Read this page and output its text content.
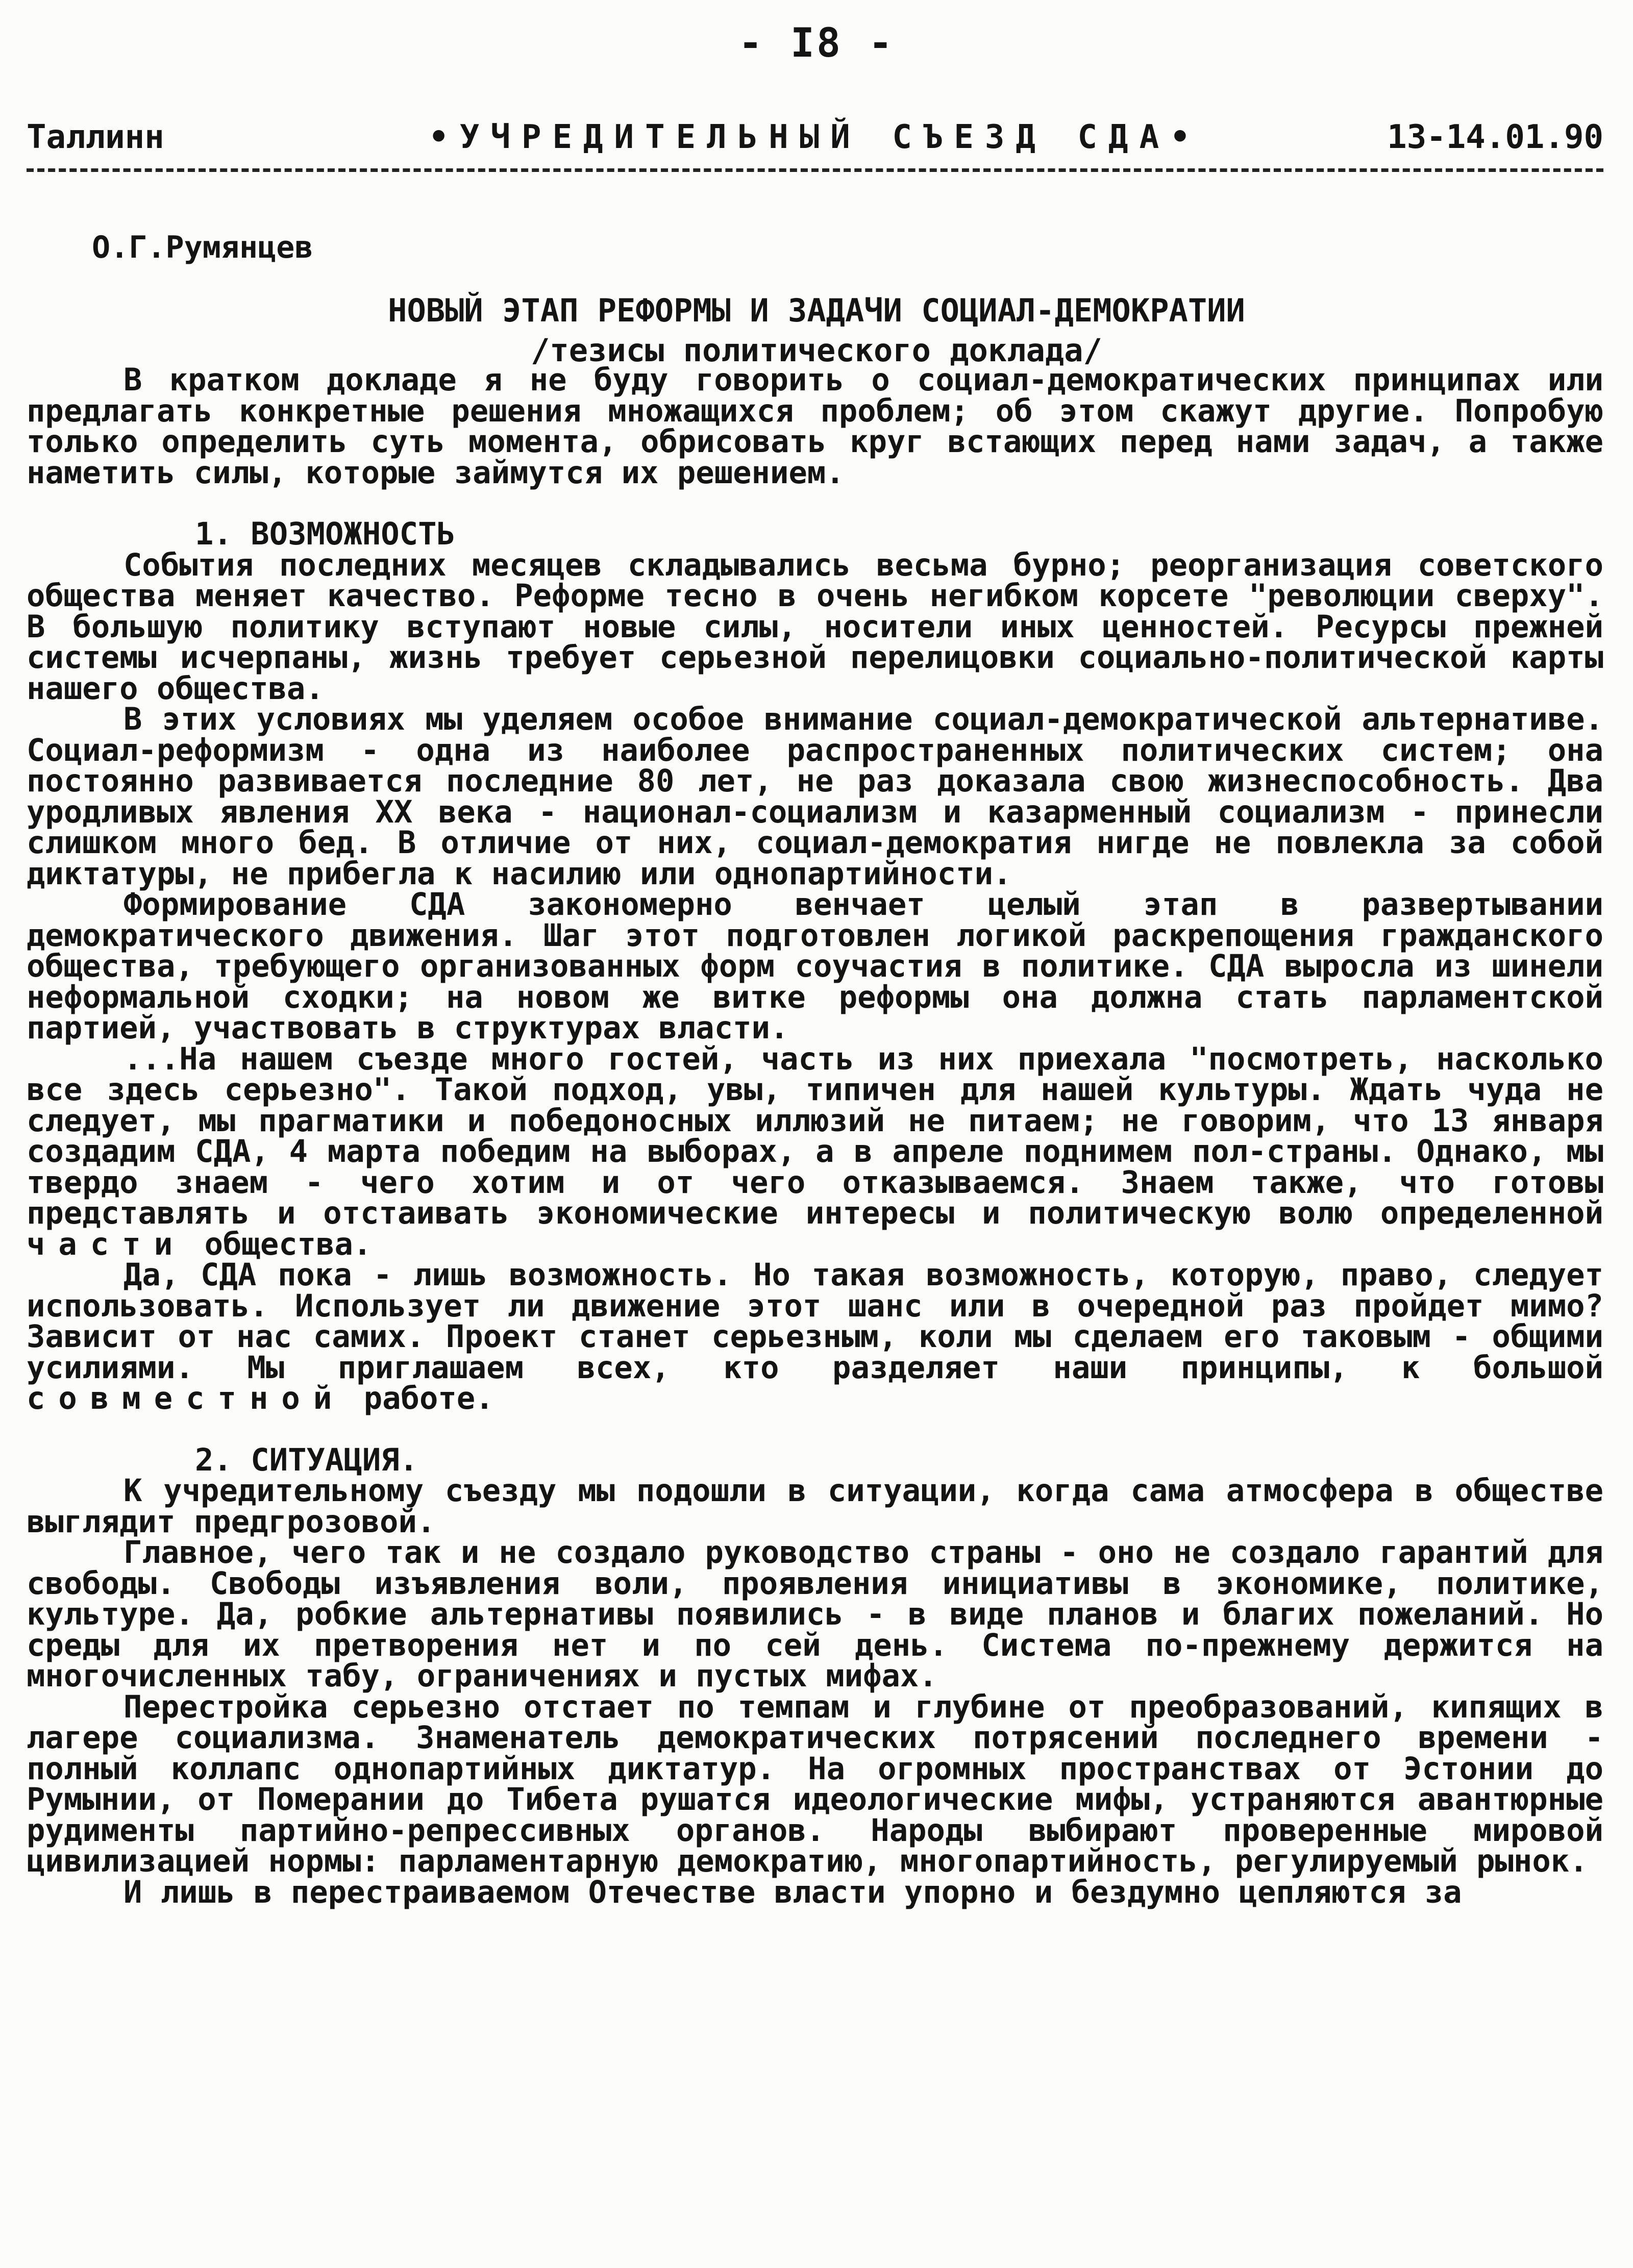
- I8 -
Таллинн	•УЧРЕДИТЕЛЬНЫЙ СЪЕЗД СДА•	13-14.01.90
О.Г.Румянцев
НОВЫЙ ЭТАП РЕФОРМЫ И ЗАДАЧИ СОЦИАЛ-ДЕМОКРАТИИ
/тезисы политического доклада/

В кратком докладе я не буду говорить о социал-демократических принципах или предлагать конкретные решения множащихся проблем; об этом скажут другие. Попробую только определить суть момента, обрисовать круг встающих перед нами задач, а также наметить силы, которые займутся их решением.

1. ВОЗМОЖНОСТЬ

События последних месяцев складывались весьма бурно; реорганизация советского общества меняет качество. Реформе тесно в очень негибком корсете "революции сверху". В большую политику вступают новые силы, носители иных ценностей. Ресурсы прежней системы исчерпаны, жизнь требует серьезной перелицовки социально-политической карты нашего общества.

В этих условиях мы уделяем особое внимание социал-демократической альтернативе. Социал-реформизм - одна из наиболее распространенных политических систем; она постоянно развивается последние 80 лет, не раз доказала свою жизнеспособность. Два уродливых явления XX века - национал-социализм и казарменный социализм - принесли слишком много бед. В отличие от них, социал-демократия нигде не повлекла за собой диктатуры, не прибегла к насилию или однопартийности.

Формирование СДА закономерно венчает целый этап в развертывании демократического движения. Шаг этот подготовлен логикой раскрепощения гражданского общества, требующего организованных форм соучастия в политике. СДА выросла из шинели неформальной сходки; на новом же витке реформы она должна стать парламентской партией, участвовать в структурах власти.

...На нашем съезде много гостей, часть из них приехала "посмотреть, насколько все здесь серьезно". Такой подход, увы, типичен для нашей культуры. Ждать чуда не следует, мы прагматики и победоносных иллюзий не питаем; не говорим, что 13 января создадим СДА, 4 марта победим на выборах, а в апреле поднимем пол-страны. Однако, мы твердо знаем - чего хотим и от чего отказываемся. Знаем также, что готовы представлять и отстаивать экономические интересы и политическую волю определенной части общества.

Да, СДА пока - лишь возможность. Но такая возможность, которую, право, следует использовать. Использует ли движение этот шанс или в очередной раз пройдет мимо? Зависит от нас самих. Проект станет серьезным, коли мы сделаем его таковым - общими усилиями. Мы приглашаем всех, кто разделяет наши принципы, к большой совместной работе.

2. СИТУАЦИЯ.

К учредительному съезду мы подошли в ситуации, когда сама атмосфера в обществе выглядит предгрозовой.

Главное, чего так и не создало руководство страны - оно не создало гарантий для свободы. Свободы изъявления воли, проявления инициативы в экономике, политике, культуре. Да, робкие альтернативы появились - в виде планов и благих пожеланий. Но среды для их претворения нет и по сей день. Система по-прежнему держится на многочисленных табу, ограничениях и пустых мифах.

Перестройка серьезно отстает по темпам и глубине от преобразований, кипящих в лагере социализма. Знаменатель демократических потрясений последнего времени - полный коллапс однопартийных диктатур. На огромных пространствах от Эстонии до Румынии, от Померании до Тибета рушатся идеологические мифы, устраняются авантюрные рудименты партийно-репрессивных органов. Народы выбирают проверенные мировой цивилизацией нормы: парламентарную демократию, многопартийность, регулируемый рынок.

И лишь в перестраиваемом Отечестве власти упорно и бездумно цепляются за
